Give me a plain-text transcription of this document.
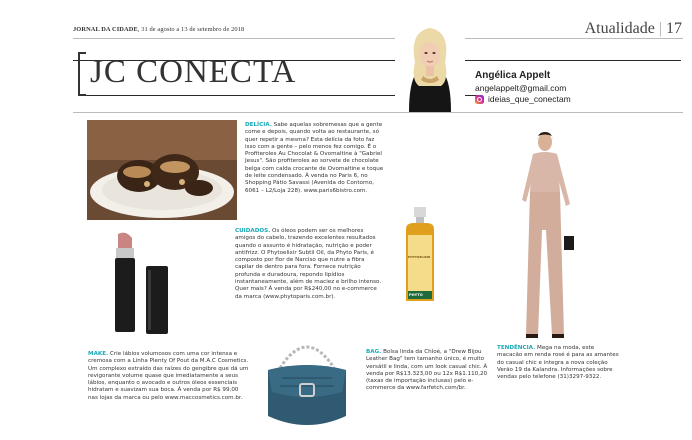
JORNAL DA CIDADE, 31 de agosto a 13 de setembro de 2018	Atualidade | 17
JC CONECTA	Angélica Appelt
angelappelt@gmail.com
ideias_que_conectam
DELÍCIA. Sabe aquelas sobremesas que a gente come e depois, quando volta ao restaurante, só quer repetir a mesma? Esta delícia da foto faz isso com a gente – pelo menos fez comigo. É o Profiteroles Au Chocolat & Ovomaltine à "Gabriel Jesus". São profiteroles ao sorvete de chocolate belga com calda crocante de Ovomaltine e toque de leite condensado. À venda no Paris 6, no Shopping Pátio Savassi (Avenida do Contorno, 6061 – L2/Loja 228). www.paris6bistro.com.
CUIDADOS. Os óleos podem ser os melhores amigos do cabelo, trazendo excelentes resultados quando o assunto é hidratação, nutrição e poder antifrizz. O Phytoelixir Subtil Oil, da Phyto Paris, é composto por flor de Narciso que nutre a fibra capilar de dentro para fora. Fornece nutrição profunda e duradoura, repondo lipídios instantaneamente, além de maciez e brilho intenso. Quer mais? À venda por R$240,00 no e-commerce da marca (www.phytoparis.com.br).	PHYTO
PHYTOELIXIR
MAKE. Crie lábios volumosos com uma cor intensa e cremosa com a Linha Plenty Of Pout da M.A.C Cosmetics. Um complexo extraído das raízes do gengibre que dá um revigorante volume quase que imediatamente a seus lábios, enquanto o avocado e outros óleos essenciais hidratam e suavizam sua boca. À venda por R$ 99,00 nas lojas da marca ou pelo www.maccosmetics.com.br.
BAG. Bolsa linda da Chloé, a "Drew Bijou Leather Bag" tem tamanho único, é muito versátil e linda, com um look casual chic. À venda por R$13.323,00 ou 12x R$1.110,20 (taxas de importação inclusas) pelo e-commerce da www.farfetch.com/br.
TENDÊNCIA. Mega na moda, este macacão em renda rosé é para as amantes do casual chic e integra a nova coleção Verão 19 da Kalandra. Informações sobre vendas pelo telefone (31)3297-9322.
